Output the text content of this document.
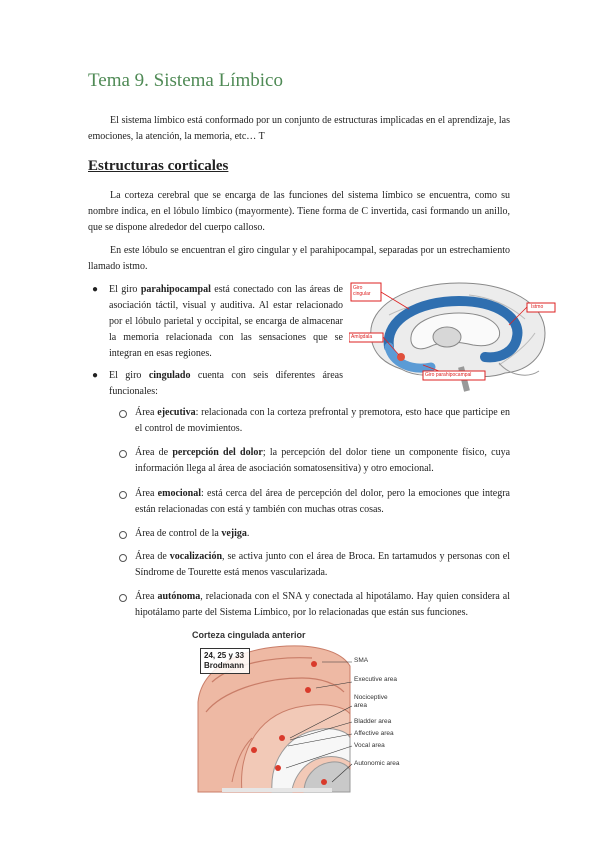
Tema 9. Sistema Límbico

El sistema límbico está conformado por un conjunto de estructuras implicadas en el aprendizaje, las emociones, la atención, la memoria, etc… T

Estructuras corticales

La corteza cerebral que se encarga de las funciones del sistema límbico se encuentra, como su nombre indica, en el lóbulo límbico (mayormente). Tiene forma de C invertida, casi formando un anillo, que se dispone alrededor del cuerpo calloso.

En este lóbulo se encuentran el giro cingular y el parahipocampal, separadas por un estrechamiento llamado istmo.

● El giro parahipocampal está conectado con las áreas de asociación táctil, visual y auditiva. Al estar relacionado por el lóbulo parietal y occipital, se encarga de almacenar la memoria relacionada con las sensaciones que se integran en esas regiones.

● El giro cingulado cuenta con seis diferentes áreas funcionales:

Área ejecutiva: relacionada con la corteza prefrontal y premotora, esto hace que participe en el control de movimientos.

Área de percepción del dolor; la percepción del dolor tiene un componente físico, cuya información llega al área de asociación somatosensitiva) y otro emocional.

Área emocional: está cerca del área de percepción del dolor, pero la emociones que integra están relacionadas con está y también con muchas otras cosas.

Área de control de la vejiga.

Área de vocalización, se activa junto con el área de Broca. En tartamudos y personas con el Síndrome de Tourette está menos vascularizada.

Área autónoma, relacionada con el SNA y conectada al hipotálamo. Hay quien considera al hipotálamo parte del Sistema Límbico, por lo relacionadas que están sus funciones.

Giro cingular
Amígdala
Istmo
Giro parahipocampal
Corteza cingulada anterior
24, 25 y 33 Brodmann
SMA
Executive area
Nociceptive area
Bladder area
Affective area
Vocal area
Autonomic area
